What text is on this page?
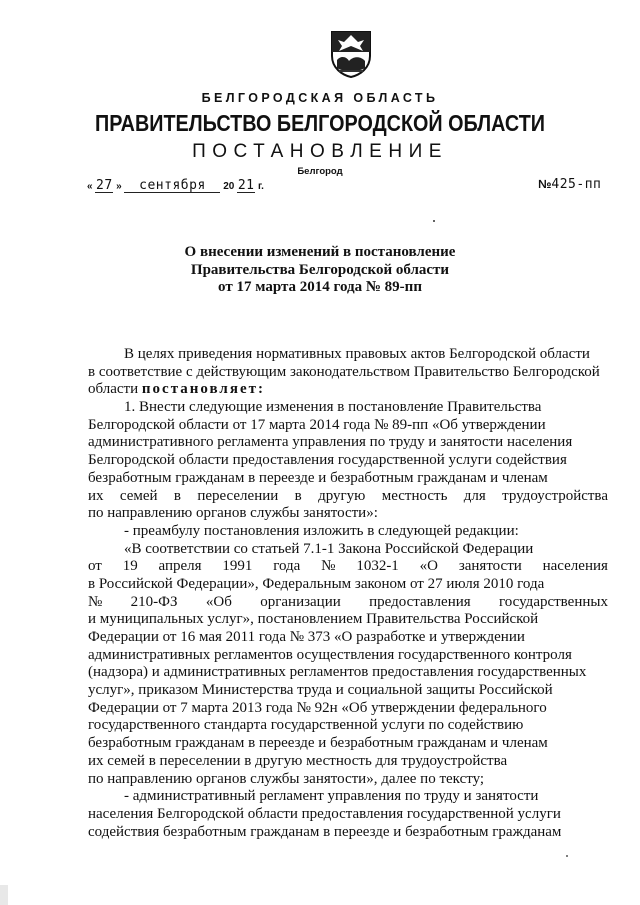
БЕЛГОРОДСКАЯ ОБЛАСТЬ
ПРАВИТЕЛЬСТВО БЕЛГОРОДСКОЙ ОБЛАСТИ
ПОСТАНОВЛЕНИЕ
Белгород
« 27 » сентября 20 21 г.	№425-пп
О внесении изменений в постановление
Правительства Белгородской области
от 17 марта 2014 года № 89-пп
В целях приведения нормативных правовых актов Белгородской области
в соответствие с действующим законодательством Правительство Белгородской
области постановляет:
1. Внести следующие изменения в постановление Правительства
Белгородской области от 17 марта 2014 года № 89-пп «Об утверждении
административного регламента управления по труду и занятости населения
Белгородской области предоставления государственной услуги содействия
безработным гражданам в переезде и безработным гражданам и членам
их семей в переселении в другую местность для трудоустройства
по направлению органов службы занятости»:
- преамбулу постановления изложить в следующей редакции:
«В соответствии со статьей 7.1-1 Закона Российской Федерации
от 19 апреля 1991 года № 1032-1 «О занятости населения
в Российской Федерации», Федеральным законом от 27 июля 2010 года
№ 210-ФЗ «Об организации предоставления государственных
и муниципальных услуг», постановлением Правительства Российской
Федерации от 16 мая 2011 года № 373 «О разработке и утверждении
административных регламентов осуществления государственного контроля
(надзора) и административных регламентов предоставления государственных
услуг», приказом Министерства труда и социальной защиты Российской
Федерации от 7 марта 2013 года № 92н «Об утверждении федерального
государственного стандарта государственной услуги по содействию
безработным гражданам в переезде и безработным гражданам и членам
их семей в переселении в другую местность для трудоустройства
по направлению органов службы занятости», далее по тексту;
- административный регламент управления по труду и занятости
населения Белгородской области предоставления государственной услуги
содействия безработным гражданам в переезде и безработным гражданам
